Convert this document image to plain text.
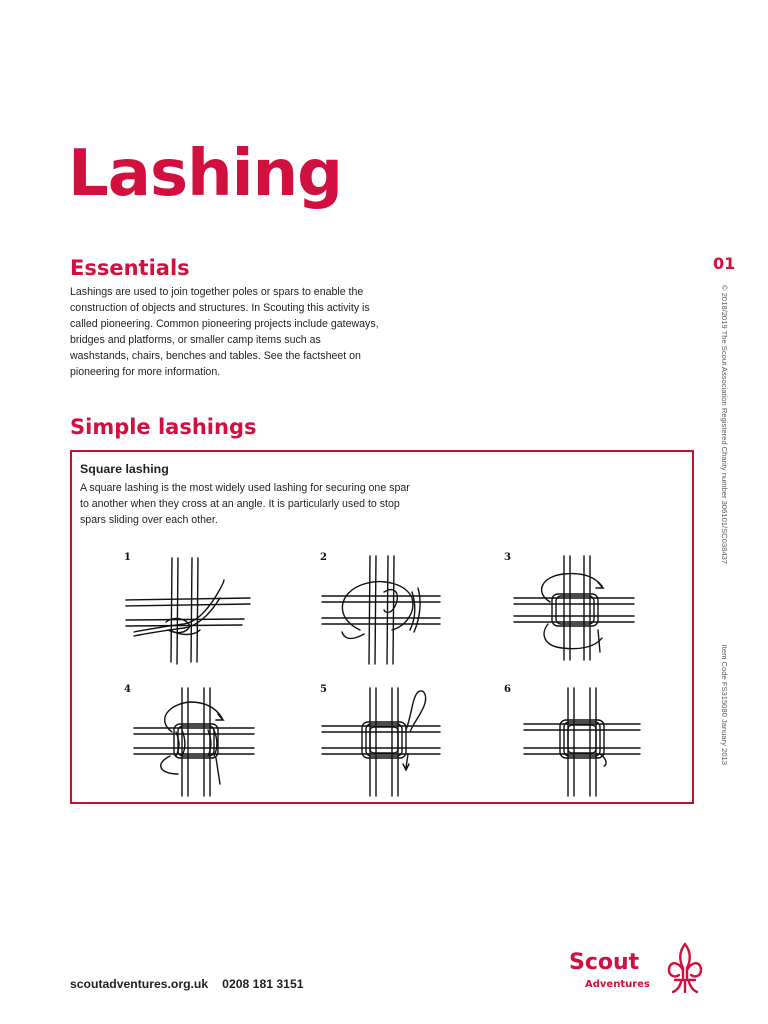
Lashing
Essentials

Lashings are used to join together poles or spars to enable the construction of objects and structures. In Scouting this activity is called pioneering. Common pioneering projects include gateways, bridges and platforms, or smaller camp items such as washstands, chairs, benches and tables. See the factsheet on pioneering for more information.

01
Item Code FS315080 January 2013
© 2018/2019 The Scout Association Registered Charity number 306101/SC038437
Simple lashings
Square lashing

A square lashing is the most widely used lashing for securing one spar to another when they cross at an angle. It is particularly used to stop spars sliding over each other.

1	2	3
4	5	6
scoutadventures.org.uk 0208 181 3151
Scout
Adventures
